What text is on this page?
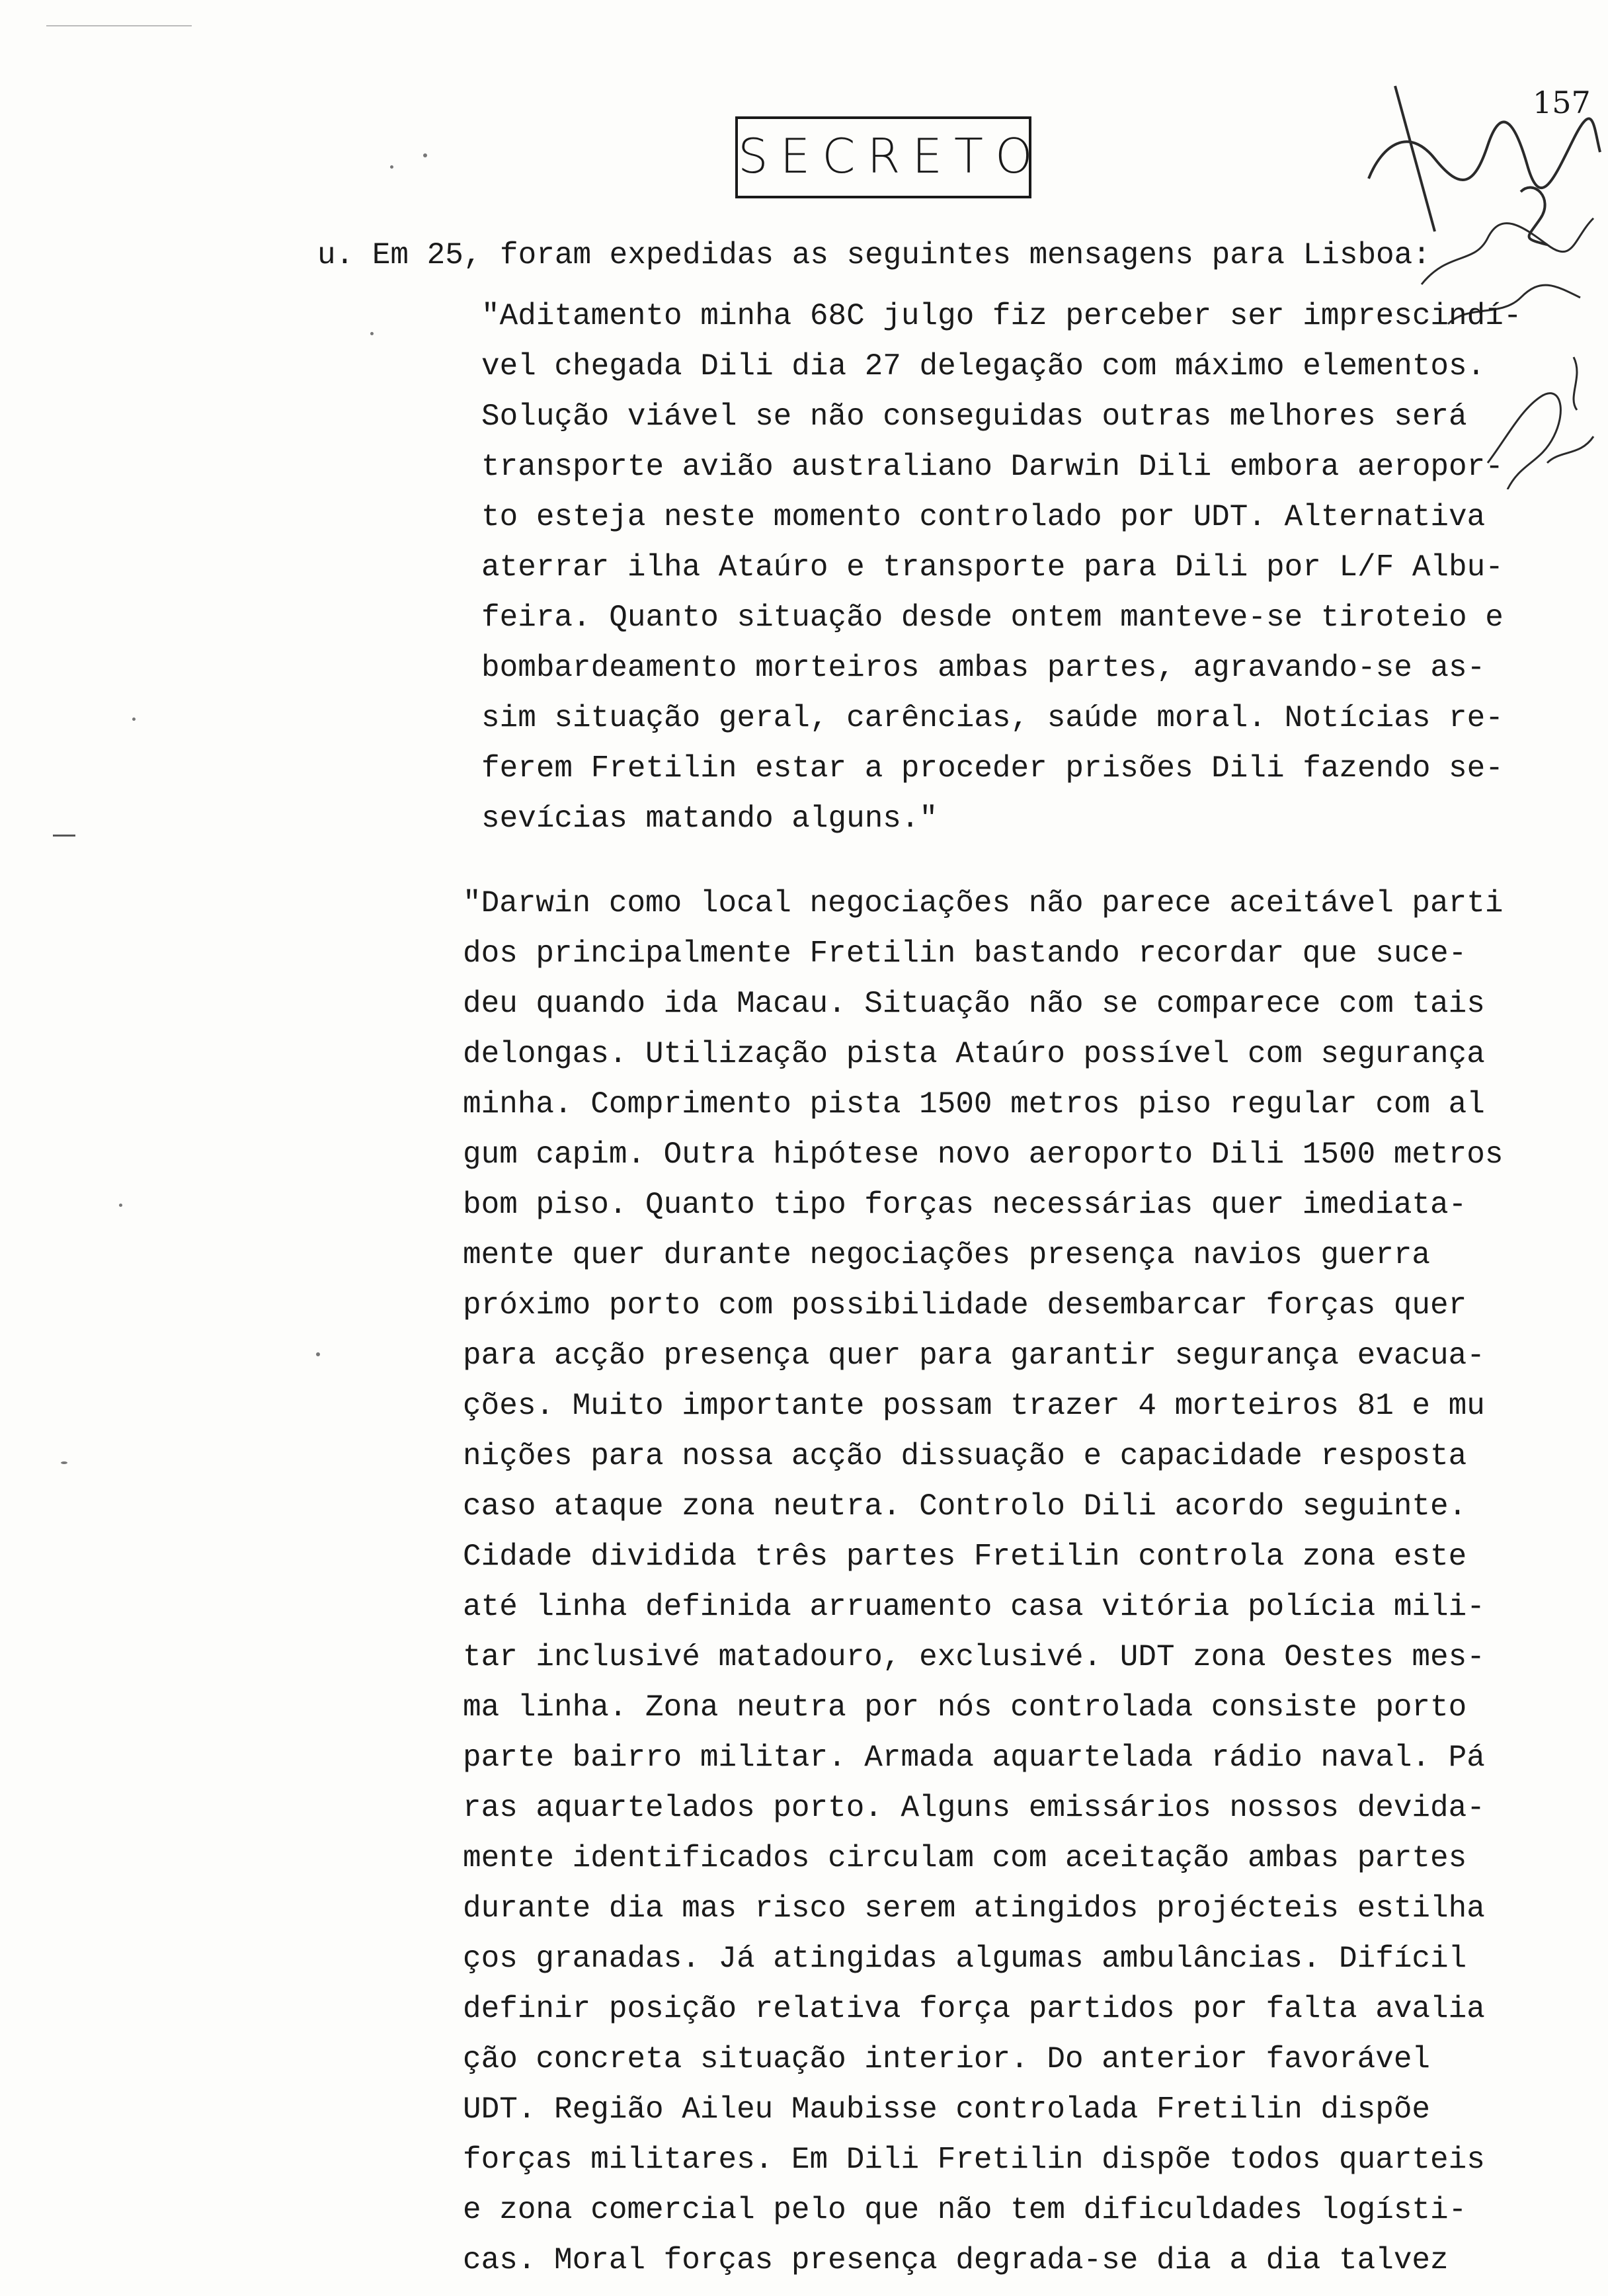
SECRETO
157
u. Em 25, foram expedidas as seguintes mensagens para Lisboa:
"Aditamento minha 68C julgo fiz perceber ser imprescindí-
vel chegada Dili dia 27 delegação com máximo elementos.
Solução viável se não conseguidas outras melhores será
transporte avião australiano Darwin Dili embora aeropor-
to esteja neste momento controlado por UDT. Alternativa
aterrar ilha Ataúro e transporte para Dili por L/F Albu-
feira. Quanto situação desde ontem manteve-se tiroteio e
bombardeamento morteiros ambas partes, agravando-se as-
sim situação geral, carências, saúde moral. Notícias re-
ferem Fretilin estar a proceder prisões Dili fazendo se-
sevícias matando alguns."
"Darwin como local negociações não parece aceitável parti
dos principalmente Fretilin bastando recordar que suce-
deu quando ida Macau. Situação não se comparece com tais
delongas. Utilização pista Ataúro possível com segurança
minha. Comprimento pista 1500 metros piso regular com al
gum capim. Outra hipótese novo aeroporto Dili 1500 metros
bom piso. Quanto tipo forças necessárias quer imediata-
mente quer durante negociações presença navios guerra
próximo porto com possibilidade desembarcar forças quer
para acção presença quer para garantir segurança evacua-
ções. Muito importante possam trazer 4 morteiros 81 e mu
nições para nossa acção dissuação e capacidade resposta
caso ataque zona neutra. Controlo Dili acordo seguinte.
Cidade dividida três partes Fretilin controla zona este
até linha definida arruamento casa vitória polícia mili-
tar inclusivé matadouro, exclusivé. UDT zona Oestes mes-
ma linha. Zona neutra por nós controlada consiste porto
parte bairro militar. Armada aquartelada rádio naval. Pá
ras aquartelados porto. Alguns emissários nossos devida-
mente identificados circulam com aceitação ambas partes
durante dia mas risco serem atingidos projécteis estilha
ços granadas. Já atingidas algumas ambulâncias. Difícil
definir posição relativa força partidos por falta avalia
ção concreta situação interior. Do anterior favorável
UDT. Região Aileu Maubisse controlada Fretilin dispõe
forças militares. Em Dili Fretilin dispõe todos quarteis
e zona comercial pelo que não tem dificuldades logísti-
cas. Moral forças presença degrada-se dia a dia talvez
